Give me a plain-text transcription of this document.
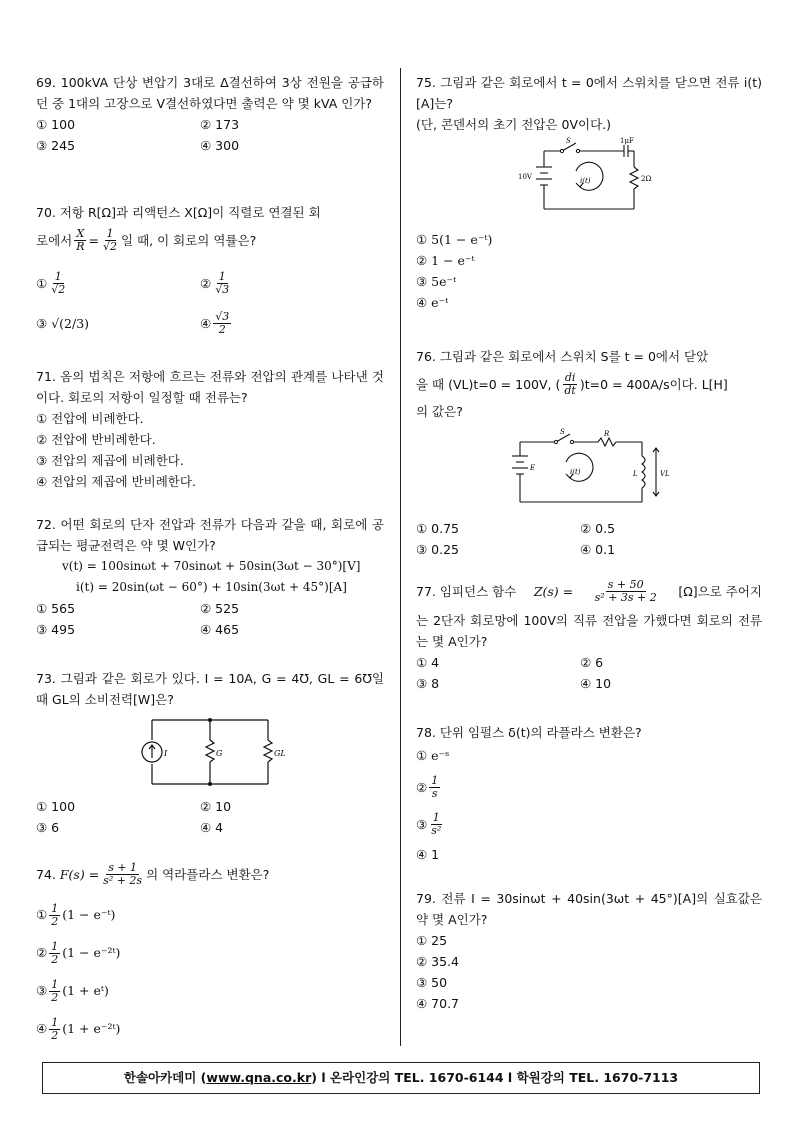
69. 100kVA 단상 변압기 3대로 Δ결선하여 3상 전원을 공급하던 중 1대의 고장으로 V결선하였다면 출력은 약 몇 kVA 인가?
① 100	② 173
③ 245	④ 300
70. 저항 R[Ω]과 리액턴스 X[Ω]이 직렬로 연결된 회
로에서 $\frac{X}{R} = \frac{1}{√2}$ 일 때, 이 회로의 역률은?
① $\frac{1}{√2}$	② $\frac{1}{√3}$
③
√(2/3)	④ $\frac{√3}{2}$
71. 옴의 법칙은 저항에 흐르는 전류와 전압의 관계를 나타낸 것이다. 회로의 저항이 일정할 때 전류는?
① 전압에 비례한다.
② 전압에 반비례한다.
③ 전압의 제곱에 비례한다.
④ 전압의 제곱에 반비례한다.
72. 어떤 회로의 단자 전압과 전류가 다음과 같을 때, 회로에 공급되는 평균전력은 약 몇 W인가?
v(t) = 100sinωt + 70sinωt + 50sin(3ωt − 30°)[V]
i(t) = 20sin(ωt − 60°) + 10sin(3ωt + 45°)[A]
① 565	② 525
③ 495	④ 465
73. 그림과 같은 회로가 있다. I = 10A, G = 4℧, GL = 6℧일 때 GL의 소비전력[W]은?
I	G	GL
① 100	② 10
③ 6	④ 4
74.
$F(s) = \frac{s + 1}{\text{s² + 2s}}$ 의 역라플라스 변환은?
① $\frac{1}{2} (1$ − e⁻ᵗ)
② $\frac{1}{2} (1$ − e⁻²ᵗ)
③ $\frac{1}{2} (1$ + eᵗ)
④ $\frac{1}{2} (1$ + e⁻²ᵗ)
75. 그림과 같은 회로에서 t = 0에서 스위치를 닫으면 전류 i(t)[A]는?
(단, 콘덴서의 초기 전압은 0V이다.)
S	1μF
10V	i(t)	2Ω
① 5(1 − e⁻ᵗ)
② 1 − e⁻ᵗ
③ 5e⁻ᵗ
④ e⁻ᵗ
76. 그림과 같은 회로에서 스위치 S를 t = 0에서 닫았
을 때 (VL)t=0 = 100V, ( $\frac{di}{dt}$ ) t=0 = 400A/s이다. L[H]
의 값은?
S	R
E	i(t)	L	VL
① 0.75	② 0.5
③ 0.25	④ 0.1
77. 임피던스 함수 $Z(s) = \frac{s + 50}{\text{s² + 3s + 2}} [\Omega]$으로 주어지
는 2단자 회로망에 100V의 직류 전압을 가했다면 회로의 전류는 몇 A인가?
① 4	② 6
③ 8	④ 10
78. 단위 임펄스 δ(t)의 라플라스 변환은?
① e⁻ˢ
② $\frac{1}{s}$
③ $\frac{1}{\text{s²}}$
④ 1
79. 전류 I = 30sinωt + 40sin(3ωt + 45°)[A]의 실효값은 약 몇 A인가?
① 25
② 35.4
③ 50
④ 70.7
한솔아카데미 (www.qna.co.kr) l 온라인강의 TEL. 1670-6144 l 학원강의 TEL. 1670-7113
